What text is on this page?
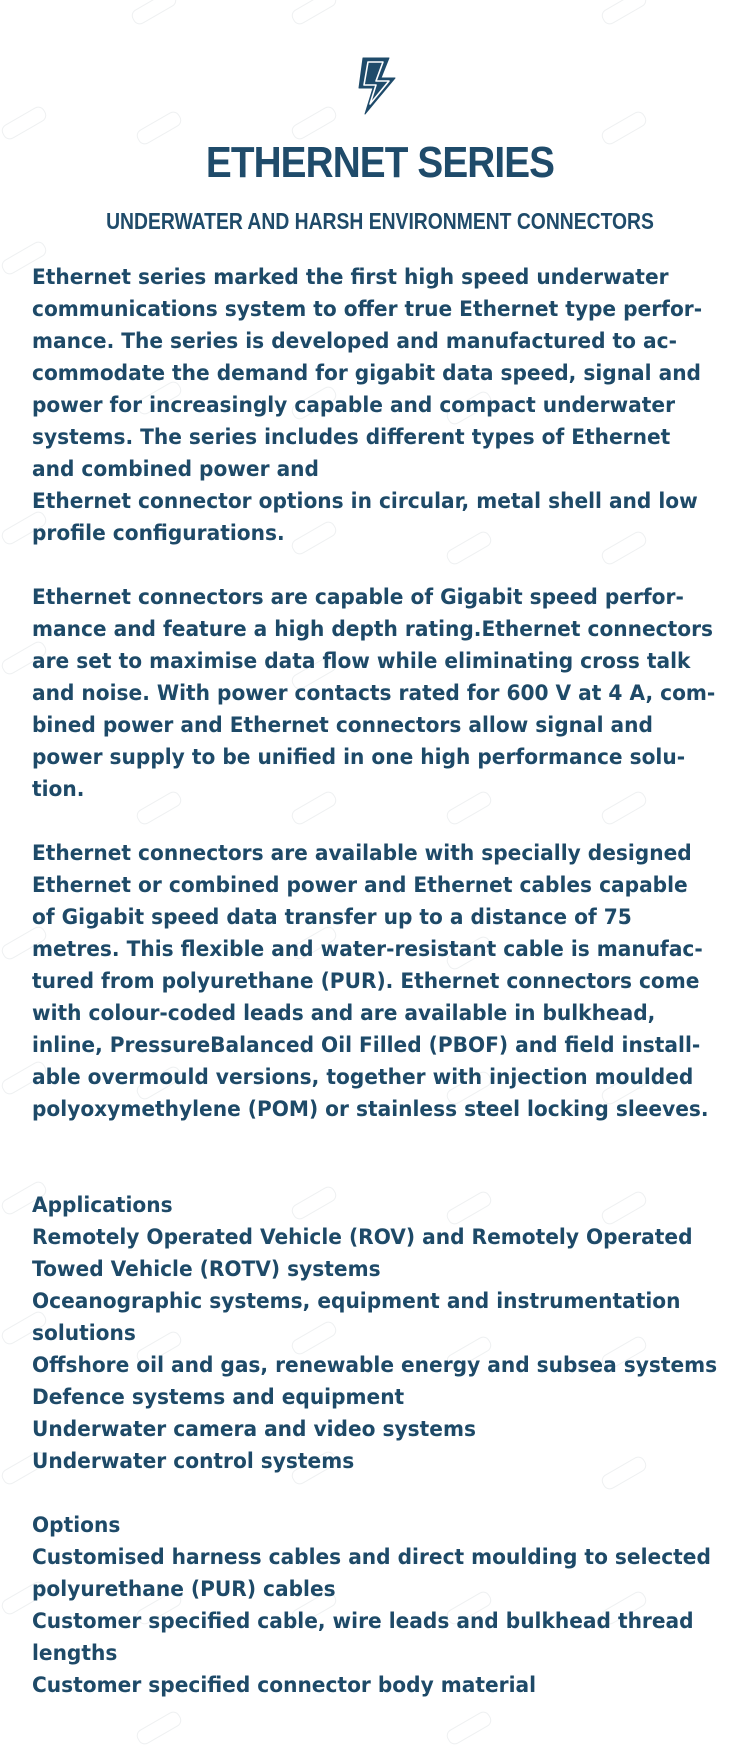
ETHERNET SERIES
UNDERWATER AND HARSH ENVIRONMENT CONNECTORS

Ethernet series marked the first high speed underwater
communications system to offer true Ethernet type perfor-
mance. The series is developed and manufactured to ac-
commodate the demand for gigabit data speed, signal and
power for increasingly capable and compact underwater
systems. The series includes different types of Ethernet
and combined power and
Ethernet connector options in circular, metal shell and low
profile configurations.

Ethernet connectors are capable of Gigabit speed perfor-
mance and feature a high depth rating.Ethernet connectors
are set to maximise data flow while eliminating cross talk
and noise. With power contacts rated for 600 V at 4 A, com-
bined power and Ethernet connectors allow signal and
power supply to be unified in one high performance solu-
tion.

Ethernet connectors are available with specially designed
Ethernet or combined power and Ethernet cables capable
of Gigabit speed data transfer up to a distance of 75
metres. This flexible and water-resistant cable is manufac-
tured from polyurethane (PUR). Ethernet connectors come
with colour-coded leads and are available in bulkhead,
inline, PressureBalanced Oil Filled (PBOF) and field install-
able overmould versions, together with injection moulded
polyoxymethylene (POM) or stainless steel locking sleeves.

Applications
Remotely Operated Vehicle (ROV) and Remotely Operated
Towed Vehicle (ROTV) systems
Oceanographic systems, equipment and instrumentation
solutions
Offshore oil and gas, renewable energy and subsea systems
Defence systems and equipment
Underwater camera and video systems
Underwater control systems

Options
Customised harness cables and direct moulding to selected
polyurethane (PUR) cables
Customer specified cable, wire leads and bulkhead thread
lengths
Customer specified connector body material
